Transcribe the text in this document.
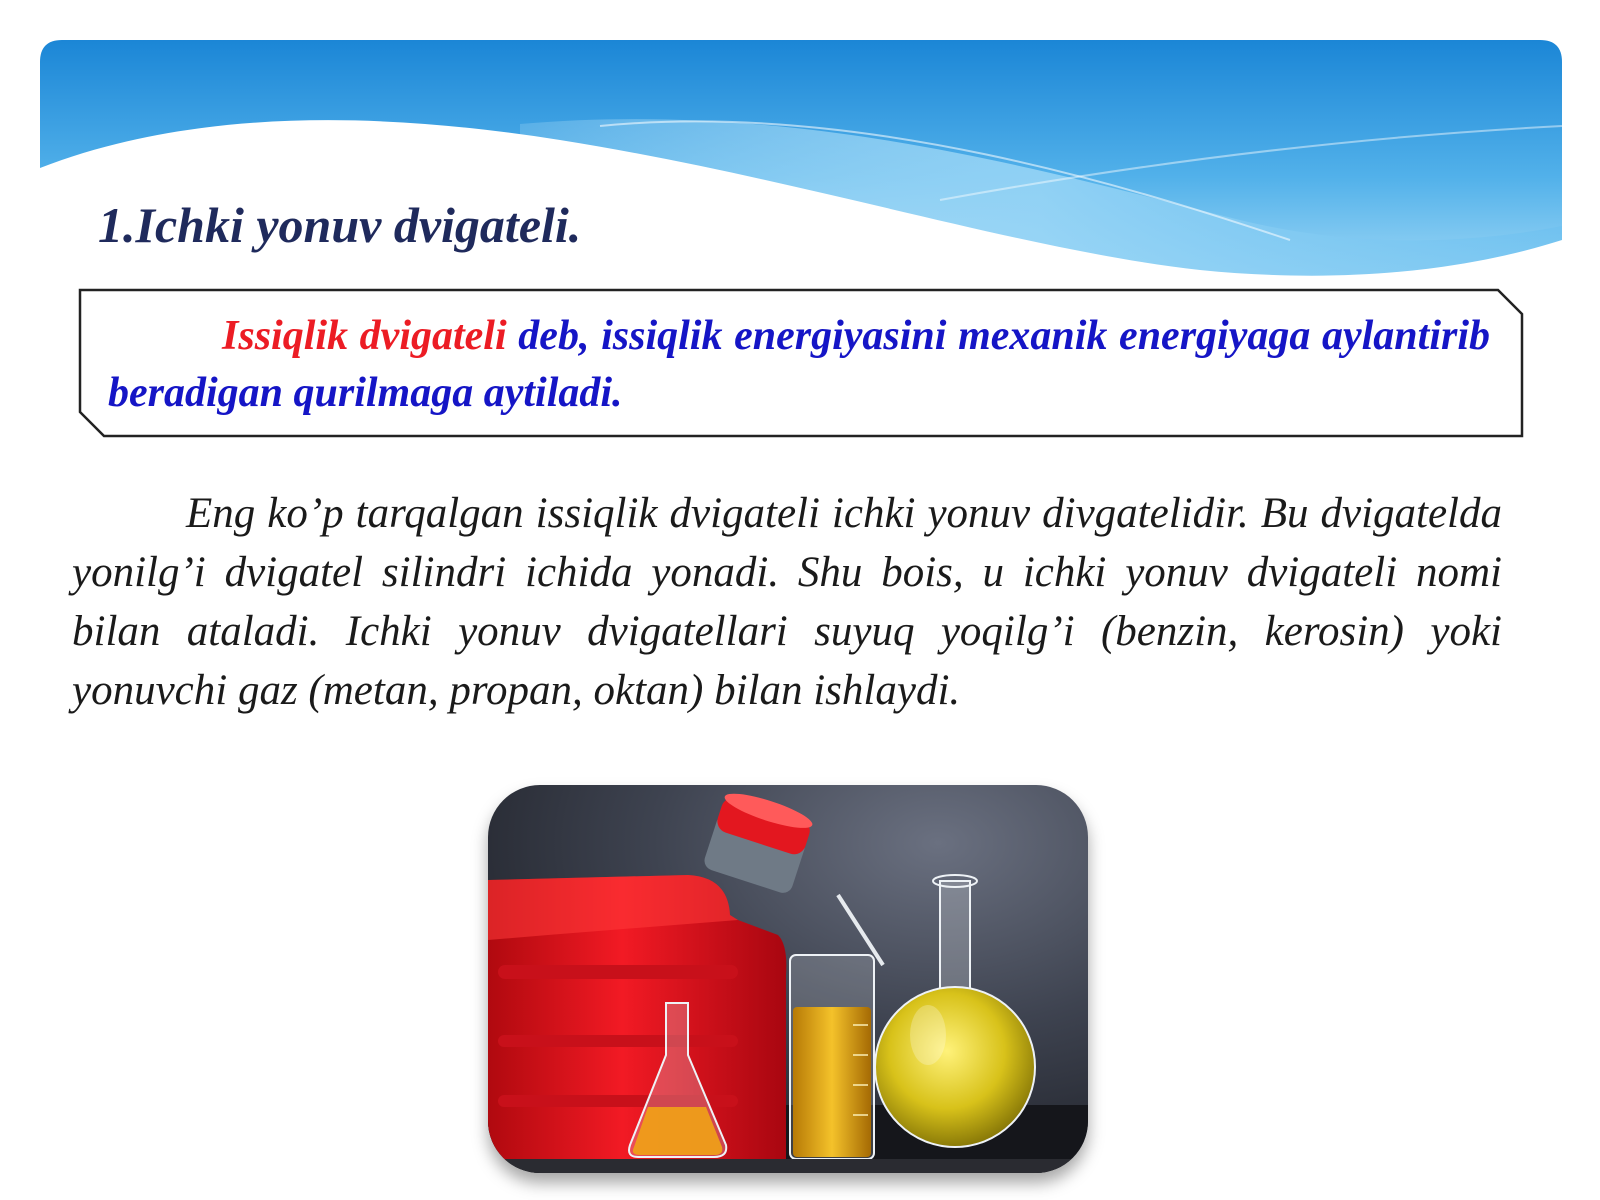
1.Ichki yonuv dvigateli.

Issiqlik dvigateli deb, issiqlik energiyasini mexanik energiyaga aylantirib beradigan qurilmaga aytiladi.

Eng ko’p tarqalgan issiqlik dvigateli ichki yonuv divgatelidir. Bu dvigatelda yonilg’i dvigatel silindri ichida yonadi. Shu bois, u ichki yonuv dvigateli nomi bilan ataladi. Ichki yonuv dvigatellari suyuq yoqilg’i (benzin, kerosin) yoki yonuvchi gaz (metan, propan, oktan) bilan ishlaydi.
